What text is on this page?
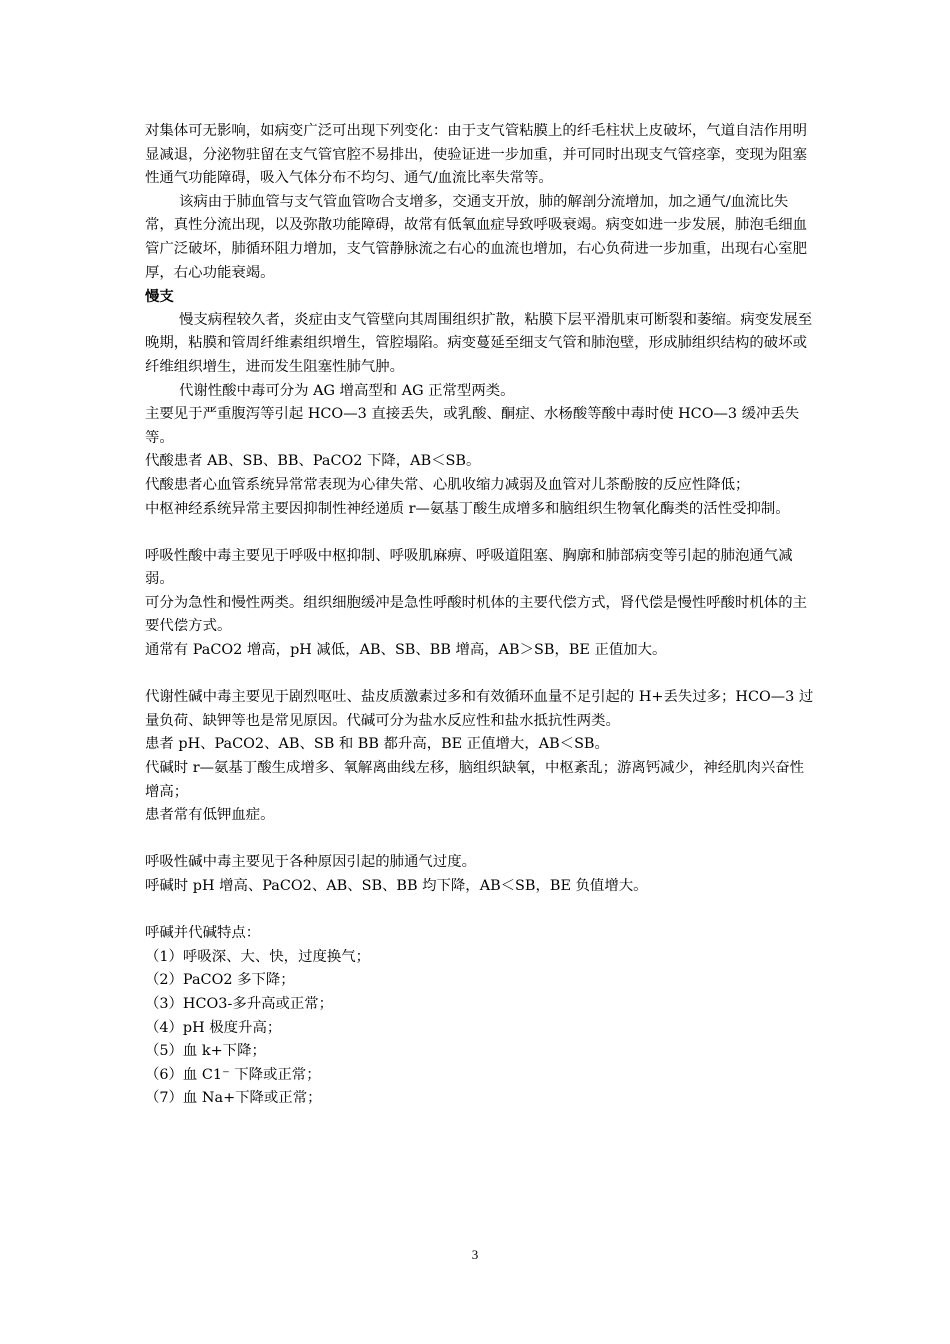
对集体可无影响，如病变广泛可出现下列变化：由于支气管粘膜上的纤毛柱状上皮破坏，气道自洁作用明显减退，分泌物驻留在支气管官腔不易排出，使验证进一步加重，并可同时出现支气管痉挛，变现为阻塞性通气功能障碍，吸入气体分布不均匀、通气/血流比率失常等。

该病由于肺血管与支气管血管吻合支增多，交通支开放，肺的解剖分流增加，加之通气/血流比失常，真性分流出现，以及弥散功能障碍，故常有低氧血症导致呼吸衰竭。病变如进一步发展，肺泡毛细血管广泛破坏，肺循环阻力增加，支气管静脉流之右心的血流也增加，右心负荷进一步加重，出现右心室肥厚，右心功能衰竭。

慢支

慢支病程较久者，炎症由支气管壁向其周围组织扩散，粘膜下层平滑肌束可断裂和萎缩。病变发展至晚期，粘膜和管周纤维素组织增生，管腔塌陷。病变蔓延至细支气管和肺泡壁，形成肺组织结构的破坏或纤维组织增生，进而发生阻塞性肺气肿。

代谢性酸中毒可分为 AG 增高型和 AG 正常型两类。

主要见于严重腹泻等引起 HCO—3 直接丢失，或乳酸、酮症、水杨酸等酸中毒时使 HCO—3 缓冲丢失等。

代酸患者 AB、SB、BB、PaCO2 下降，AB＜SB。

代酸患者心血管系统异常常表现为心律失常、心肌收缩力减弱及血管对儿茶酚胺的反应性降低；

中枢神经系统异常主要因抑制性神经递质 r—氨基丁酸生成增多和脑组织生物氧化酶类的活性受抑制。

呼吸性酸中毒主要见于呼吸中枢抑制、呼吸肌麻痹、呼吸道阻塞、胸廓和肺部病变等引起的肺泡通气减弱。

可分为急性和慢性两类。组织细胞缓冲是急性呼酸时机体的主要代偿方式，肾代偿是慢性呼酸时机体的主要代偿方式。

通常有 PaCO2 增高，pH 减低，AB、SB、BB 增高，AB＞SB，BE 正值加大。

代谢性碱中毒主要见于剧烈呕吐、盐皮质激素过多和有效循环血量不足引起的 H+丢失过多；HCO—3 过量负荷、缺钾等也是常见原因。代碱可分为盐水反应性和盐水抵抗性两类。

患者 pH、PaCO2、AB、SB 和 BB 都升高，BE 正值增大，AB＜SB。

代碱时 r—氨基丁酸生成增多、氧解离曲线左移，脑组织缺氧，中枢紊乱；游离钙减少，神经肌肉兴奋性增高；

患者常有低钾血症。

呼吸性碱中毒主要见于各种原因引起的肺通气过度。

呼碱时 pH 增高、PaCO2、AB、SB、BB 均下降，AB＜SB，BE 负值增大。

呼碱并代碱特点：

（1）呼吸深、大、快，过度换气；

（2）PaCO2 多下降；

（3）HCO3-多升高或正常；

（4）pH 极度升高；

（5）血 k+下降；

（6）血 C1⁻ 下降或正常；

（7）血 Na+下降或正常；

3
